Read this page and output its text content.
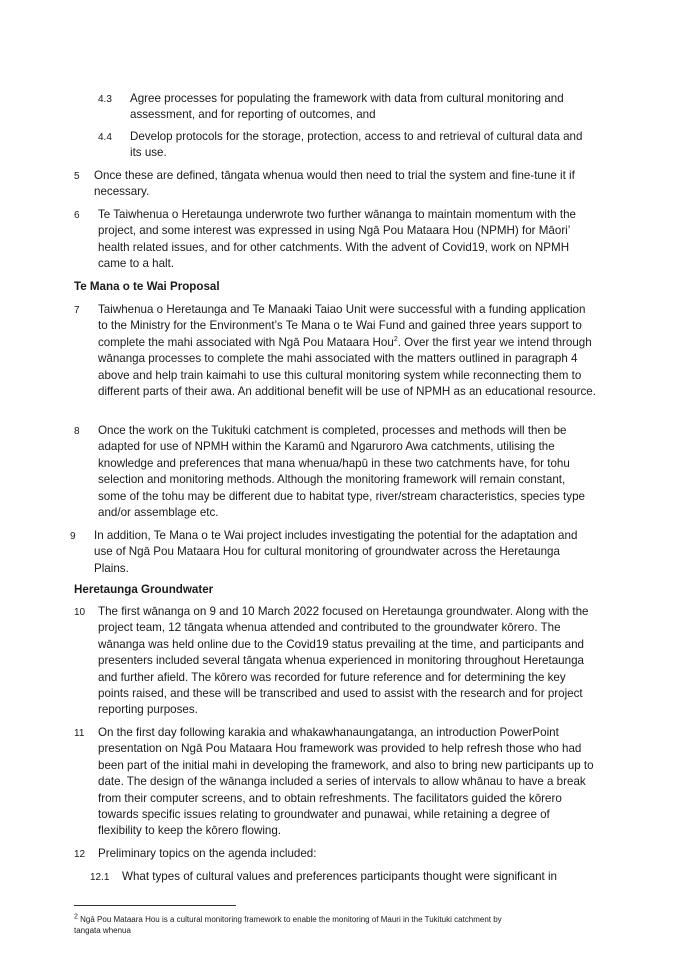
4.3 Agree processes for populating the framework with data from cultural monitoring and assessment, and for reporting of outcomes, and
4.4 Develop protocols for the storage, protection, access to and retrieval of cultural data and its use.
5 Once these are defined, tāngata whenua would then need to trial the system and fine-tune it if necessary.
6 Te Taiwhenua o Heretaunga underwrote two further wānanga to maintain momentum with the project, and some interest was expressed in using Ngā Pou Mataara Hou (NPMH) for Māori’ health related issues, and for other catchments. With the advent of Covid19, work on NPMH came to a halt.
Te Mana o te Wai Proposal
7 Taiwhenua o Heretaunga and Te Manaaki Taiao Unit were successful with a funding application to the Ministry for the Environment’s Te Mana o te Wai Fund and gained three years support to complete the mahi associated with Ngā Pou Mataara Hou$^2$. Over the first year we intend through wānanga processes to complete the mahi associated with the matters outlined in paragraph 4 above and help train kaimahi to use this cultural monitoring system while reconnecting them to different parts of their awa. An additional benefit will be use of NPMH as an educational resource.
8 Once the work on the Tukituki catchment is completed, processes and methods will then be adapted for use of NPMH within the Karamū and Ngaruroro Awa catchments, utilising the knowledge and preferences that mana whenua/hapū in these two catchments have, for tohu selection and monitoring methods. Although the monitoring framework will remain constant, some of the tohu may be different due to habitat type, river/stream characteristics, species type and/or assemblage etc.
9 In addition, Te Mana o te Wai project includes investigating the potential for the adaptation and use of Ngā Pou Mataara Hou for cultural monitoring of groundwater across the Heretaunga Plains.
Heretaunga Groundwater
10 The first wānanga on 9 and 10 March 2022 focused on Heretaunga groundwater. Along with the project team, 12 tāngata whenua attended and contributed to the groundwater kōrero. The wānanga was held online due to the Covid19 status prevailing at the time, and participants and presenters included several tāngata whenua experienced in monitoring throughout Heretaunga and further afield. The kōrero was recorded for future reference and for determining the key points raised, and these will be transcribed and used to assist with the research and for project reporting purposes.
11 On the first day following karakia and whakawhanaungatanga, an introduction PowerPoint presentation on Ngā Pou Mataara Hou framework was provided to help refresh those who had been part of the initial mahi in developing the framework, and also to bring new participants up to date. The design of the wānanga included a series of intervals to allow whānau to have a break from their computer screens, and to obtain refreshments. The facilitators guided the kōrero towards specific issues relating to groundwater and punawai, while retaining a degree of flexibility to keep the kōrero flowing.
12 Preliminary topics on the agenda included:
12.1 What types of cultural values and preferences participants thought were significant in
$^2$ Ngā Pou Mataara Hou is a cultural monitoring framework to enable the monitoring of Mauri in the Tukituki catchment by tangata whenua
